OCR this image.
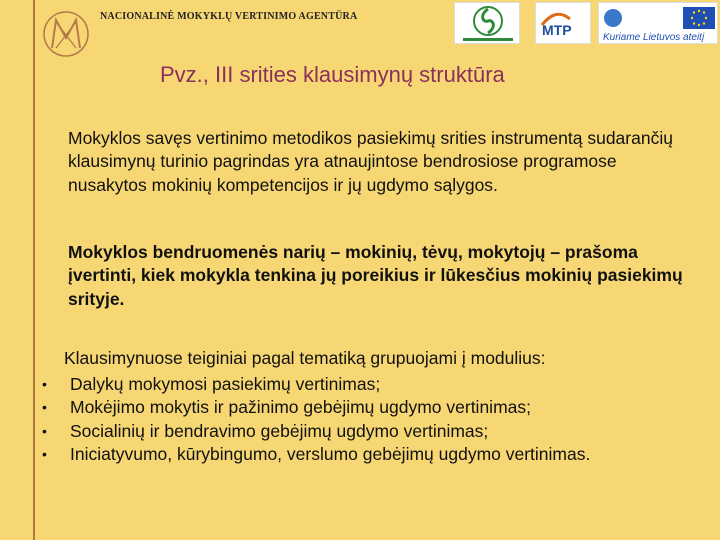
NACIONALINĖ MOKYKLŲ VERTINIMO AGENTŪRA
MTP	Kuriame Lietuvos ateitį
Pvz., III srities klausimynų struktūra

Mokyklos savęs vertinimo metodikos pasiekimų srities instrumentą sudarančių klausimynų turinio pagrindas yra atnaujintose bendrosiose programose nusakytos mokinių kompetencijos ir jų ugdymo sąlygos.

Mokyklos bendruomenės narių – mokinių, tėvų, mokytojų – prašoma įvertinti, kiek mokykla tenkina jų poreikius ir lūkesčius mokinių pasiekimų srityje.

Klausimynuose teiginiai pagal tematiką grupuojami į modulius:
• Dalykų mokymosi pasiekimų vertinimas;
• Mokėjimo mokytis ir pažinimo gebėjimų ugdymo vertinimas;
• Socialinių ir bendravimo gebėjimų ugdymo vertinimas;
• Iniciatyvumo, kūrybingumo, verslumo gebėjimų ugdymo vertinimas.
